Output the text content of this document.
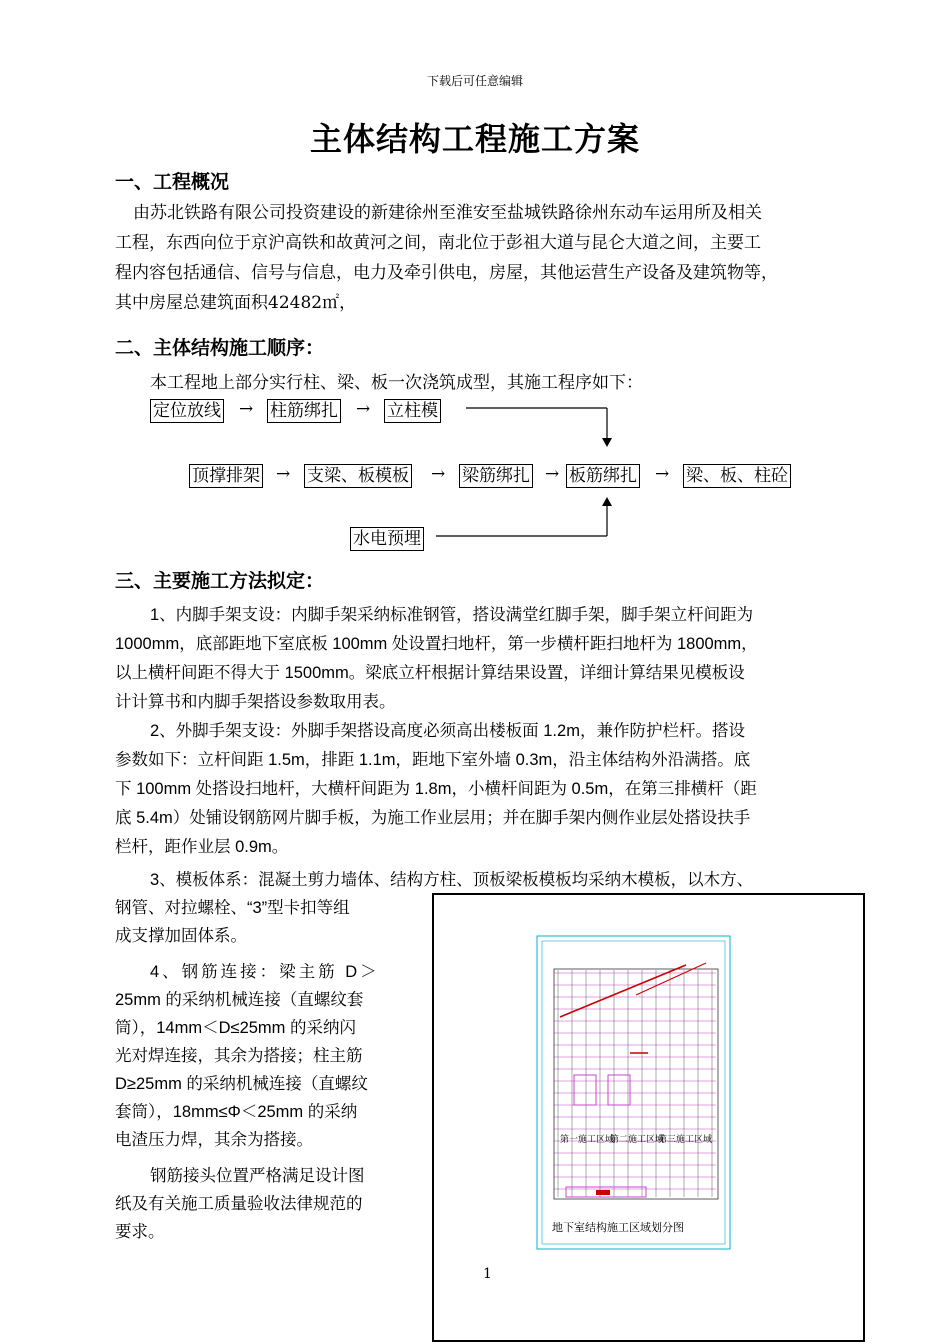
下载后可任意编辑
主体结构工程施工方案
一、工程概况
由苏北铁路有限公司投资建设的新建徐州至淮安至盐城铁路徐州东动车运用所及相关
工程，东西向位于京沪高铁和故黄河之间，南北位于彭祖大道与昆仑大道之间，主要工
程内容包括通信、信号与信息，电力及牵引供电，房屋，其他运营生产设备及建筑物等，
其中房屋总建筑面积42482㎡，
二、主体结构施工顺序：
本工程地上部分实行柱、梁、板一次浇筑成型，其施工程序如下：
定位放线 → 柱筋绑扎 → 立柱模
顶撑排架 → 支梁、板模板 → 梁筋绑扎 → 板筋绑扎 → 梁、板、柱砼
水电预埋
三、主要施工方法拟定：
1、内脚手架支设：内脚手架采纳标准钢管，搭设满堂红脚手架，脚手架立杆间距为
1000mm，底部距地下室底板 100mm 处设置扫地杆，第一步横杆距扫地杆为 1800mm，
以上横杆间距不得大于 1500mm。梁底立杆根据计算结果设置，详细计算结果见模板设
计计算书和内脚手架搭设参数取用表。
2、外脚手架支设：外脚手架搭设高度必须高出楼板面 1.2m，兼作防护栏杆。搭设
参数如下：立杆间距 1.5m，排距 1.1m，距地下室外墙 0.3m，沿主体结构外沿满搭。底
下 100mm 处搭设扫地杆，大横杆间距为 1.8m，小横杆间距为 0.5m，在第三排横杆（距
底 5.4m）处铺设钢筋网片脚手板，为施工作业层用；并在脚手架内侧作业层处搭设扶手
栏杆，距作业层 0.9m。
3、模板体系：混凝土剪力墙体、结构方柱、顶板梁板模板均采纳木模板，以木方、
钢管、对拉螺栓、“3”型卡扣等组
成支撑加固体系。
4、钢筋连接：梁主筋 D＞
25mm 的采纳机械连接（直螺纹套
筒），14mm＜D≤25mm 的采纳闪
光对焊连接，其余为搭接；柱主筋
D≥25mm 的采纳机械连接（直螺纹
套筒），18mm≤Φ＜25mm 的采纳
电渣压力焊，其余为搭接。
钢筋接头位置严格满足设计图
纸及有关施工质量验收法律规范的
要求。
1
第一施工区域
第二施工区域
第三施工区域
地下室结构施工区域划分图
